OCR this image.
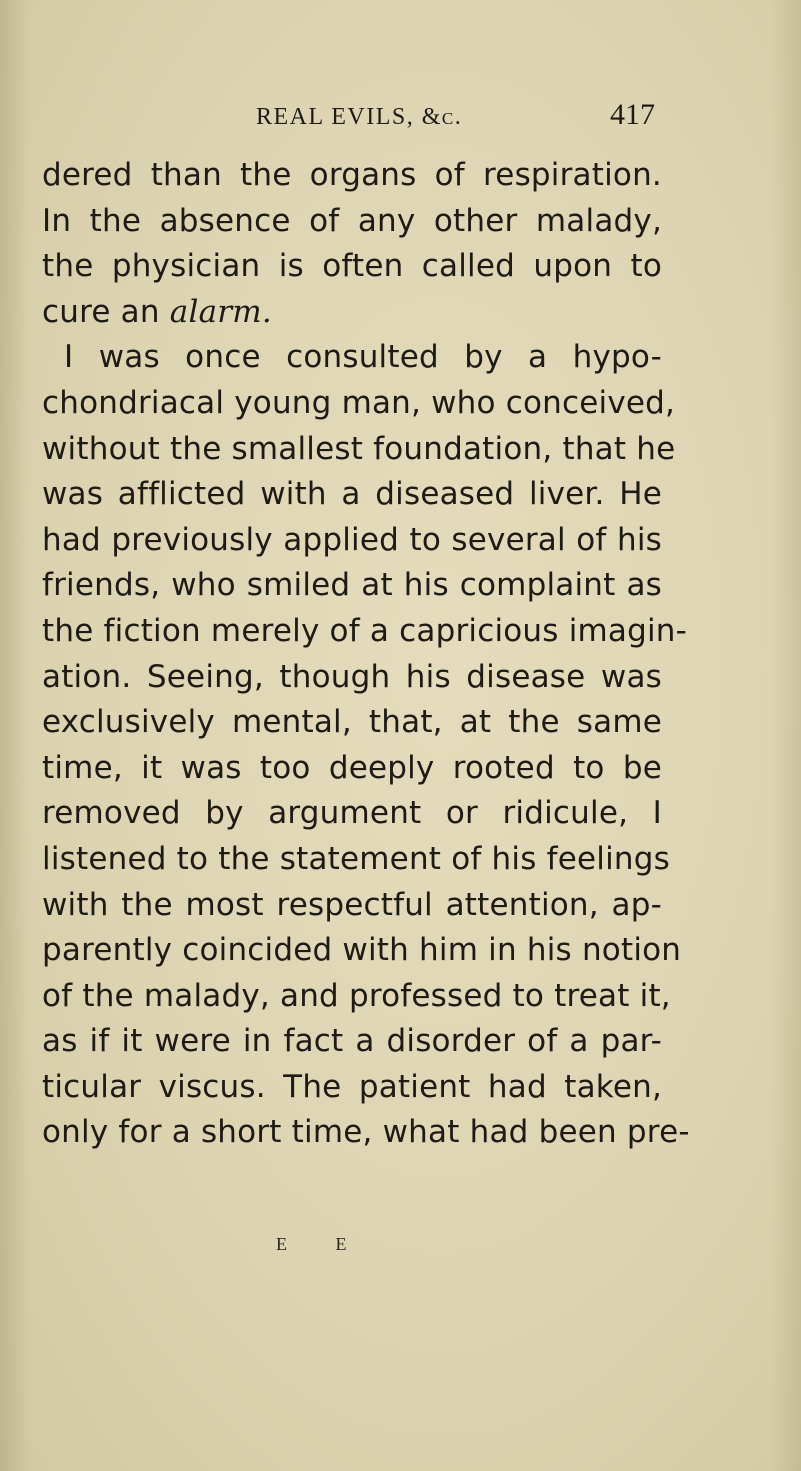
REAL EVILS, &c.	417
dered than the organs of respiration.
In the absence of any other malady,
the physician is often called upon to
cure an alarm.
I was once consulted by a hypo-
chondriacal young man, who conceived,
without the smallest foundation, that he
was afflicted with a diseased liver. He
had previously applied to several of his
friends, who smiled at his complaint as
the fiction merely of a capricious imagin-
ation. Seeing, though his disease was
exclusively mental, that, at the same
time, it was too deeply rooted to be
removed by argument or ridicule, I
listened to the statement of his feelings
with the most respectful attention, ap-
parently coincided with him in his notion
of the malady, and professed to treat it,
as if it were in fact a disorder of a par-
ticular viscus. The patient had taken,
only for a short time, what had been pre-
E E
